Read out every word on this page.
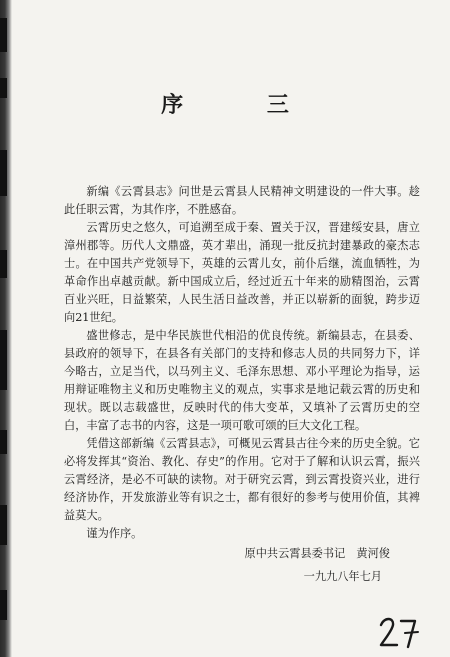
序 三

新编《云霄县志》问世是云霄县人民精神文明建设的一件大事。趁此任职云霄，为其作序，不胜感奋。

云霄历史之悠久，可追溯至成于秦、置关于汉，晋建绥安县，唐立漳州郡等。历代人文鼎盛，英才辈出，涌现一批反抗封建暴政的豪杰志士。在中国共产党领导下，英雄的云霄儿女，前仆后继，流血牺牲，为革命作出卓越贡献。新中国成立后，经过近五十年来的励精图治，云霄百业兴旺，日益繁荣，人民生活日益改善，并正以崭新的面貌，跨步迈向21世纪。

盛世修志，是中华民族世代相沿的优良传统。新编县志，在县委、县政府的领导下，在县各有关部门的支持和修志人员的共同努力下，详今略古，立足当代，以马列主义、毛泽东思想、邓小平理论为指导，运用辩证唯物主义和历史唯物主义的观点，实事求是地记载云霄的历史和现状。既以志载盛世，反映时代的伟大变革，又填补了云霄历史的空白，丰富了志书的内容，这是一项可歌可颂的巨大文化工程。

凭借这部新编《云霄县志》，可概见云霄县古往今来的历史全貌。它必将发挥其“资治、教化、存史”的作用。它对于了解和认识云霄，振兴云霄经济，是必不可缺的读物。对于研究云霄，到云霄投资兴业，进行经济协作，开发旅游业等有识之士，都有很好的参考与使用价值，其裨益莫大。

谨为作序。

原中共云霄县委书记　黄河俊
一九九八年七月
